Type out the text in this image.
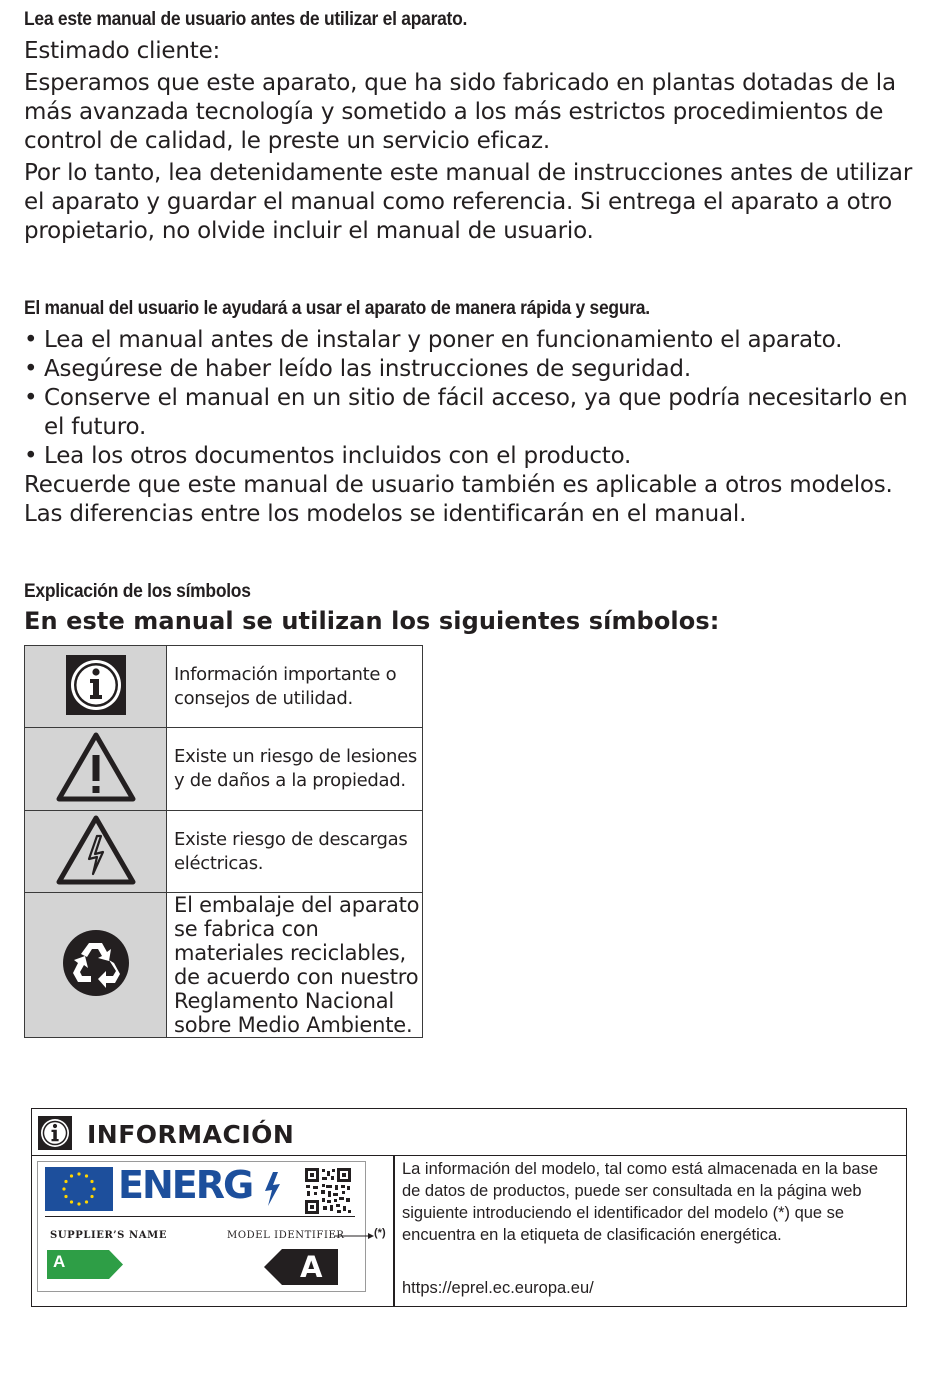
Lea este manual de usuario antes de utilizar el aparato.

Estimado cliente:

Esperamos que este aparato, que ha sido fabricado en plantas dotadas de la más avanzada tecnología y sometido a los más estrictos procedimientos de control de calidad, le preste un servicio eficaz.

Por lo tanto, lea detenidamente este manual de instrucciones antes de utilizar el aparato y guardar el manual como referencia. Si entrega el aparato a otro propietario, no olvide incluir el manual de usuario.

El manual del usuario le ayudará a usar el aparato de manera rápida y segura.
• Lea el manual antes de instalar y poner en funcionamiento el aparato.
• Asegúrese de haber leído las instrucciones de seguridad.
• Conserve el manual en un sitio de fácil acceso, ya que podría necesitarlo en el futuro.
• Lea los otros documentos incluidos con el producto.

Recuerde que este manual de usuario también es aplicable a otros modelos. Las diferencias entre los modelos se identificarán en el manual.

Explicación de los símbolos
En este manual se utilizan los siguientes símbolos:
	Información importante o consejos de utilidad.
	Existe un riesgo de lesiones y de daños a la propiedad.
	Existe riesgo de descargas eléctricas.
	El embalaje del aparato se fabrica con materiales reciclables, de acuerdo con nuestro Reglamento Nacional sobre Medio Ambiente.
INFORMACIÓN
ENERG
SUPPLIER’S NAME	MODEL IDENTIFIER
A	A
(*)

La información del modelo, tal como está almacenada en la base de datos de productos, puede ser consultada en la página web siguiente introduciendo el identificador del modelo (*) que se encuentra en la etiqueta de clasificación energética.

https://eprel.ec.europa.eu/
